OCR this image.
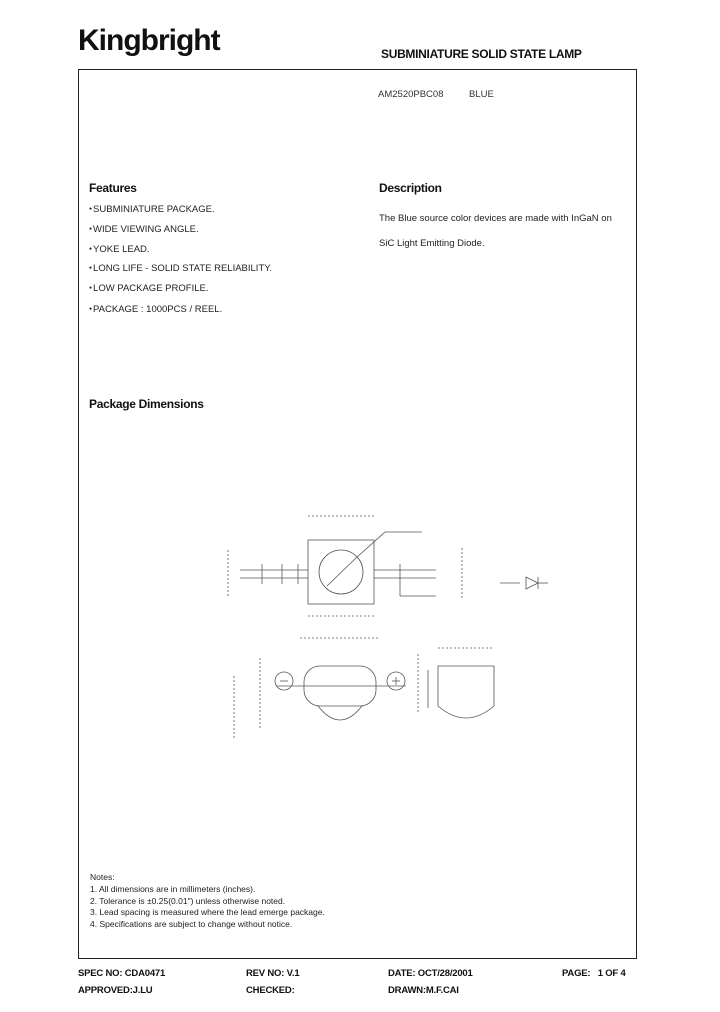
Kingbright	SUBMINIATURE SOLID STATE LAMP
AM2520PBC08	BLUE
Features
● SUBMINIATURE PACKAGE.
● WIDE VIEWING ANGLE.
● YOKE LEAD.
● LONG LIFE - SOLID STATE RELIABILITY.
● LOW PACKAGE PROFILE.
● PACKAGE : 1000PCS / REEL.
Description
The Blue source color devices are made with InGaN on
SiC Light Emitting Diode.
Package Dimensions
Notes:
1. All dimensions are in millimeters (inches).
2. Tolerance is ±0.25(0.01") unless otherwise noted.
3. Lead spacing is measured where the lead emerge package.
4. Specifications are subject to change without notice.
SPEC NO: CDA0471	REV NO: V.1	DATE: OCT/28/2001	PAGE:   1 OF 4
APPROVED:J.LU	CHECKED:	DRAWN:M.F.CAI
